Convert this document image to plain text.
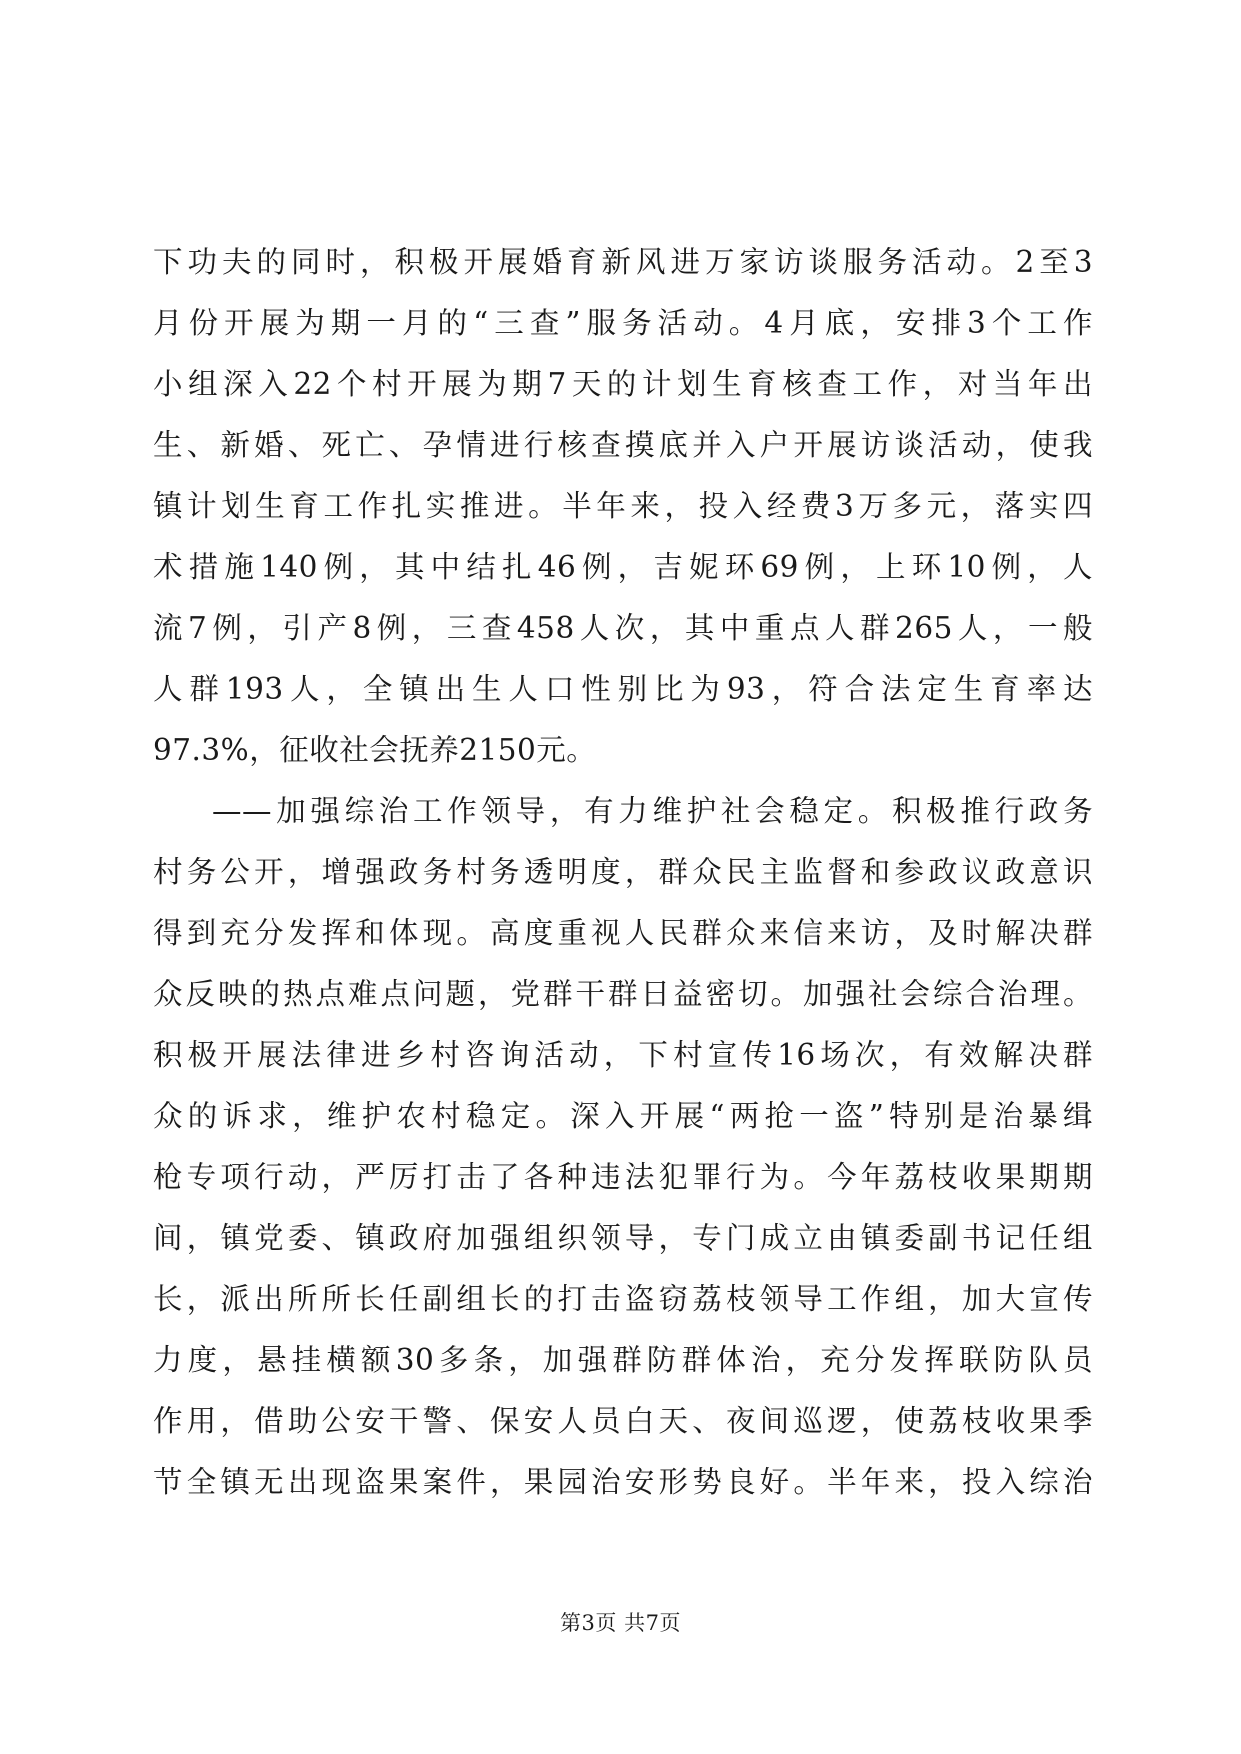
下功夫的同时，积极开展婚育新风进万家访谈服务活动。2至3
月份开展为期一月的“三查”服务活动。4月底，安排3个工作
小组深入22个村开展为期7天的计划生育核查工作，对当年出
生、新婚、死亡、孕情进行核查摸底并入户开展访谈活动，使我
镇计划生育工作扎实推进。半年来，投入经费3万多元，落实四
术措施140例，其中结扎46例，吉妮环69例，上环10例，人
流7例，引产8例，三查458人次，其中重点人群265人，一般
人群193人，全镇出生人口性别比为93，符合法定生育率达
97.3%，征收社会抚养2150元。
——加强综治工作领导，有力维护社会稳定。积极推行政务
村务公开，增强政务村务透明度，群众民主监督和参政议政意识
得到充分发挥和体现。高度重视人民群众来信来访，及时解决群
众反映的热点难点问题，党群干群日益密切。加强社会综合治理。
积极开展法律进乡村咨询活动，下村宣传16场次，有效解决群
众的诉求，维护农村稳定。深入开展“两抢一盗”特别是治暴缉
枪专项行动，严厉打击了各种违法犯罪行为。今年荔枝收果期期
间，镇党委、镇政府加强组织领导，专门成立由镇委副书记任组
长，派出所所长任副组长的打击盗窃荔枝领导工作组，加大宣传
力度，悬挂横额30多条，加强群防群体治，充分发挥联防队员
作用，借助公安干警、保安人员白天、夜间巡逻，使荔枝收果季
节全镇无出现盗果案件，果园治安形势良好。半年来，投入综治
第3页 共7页
